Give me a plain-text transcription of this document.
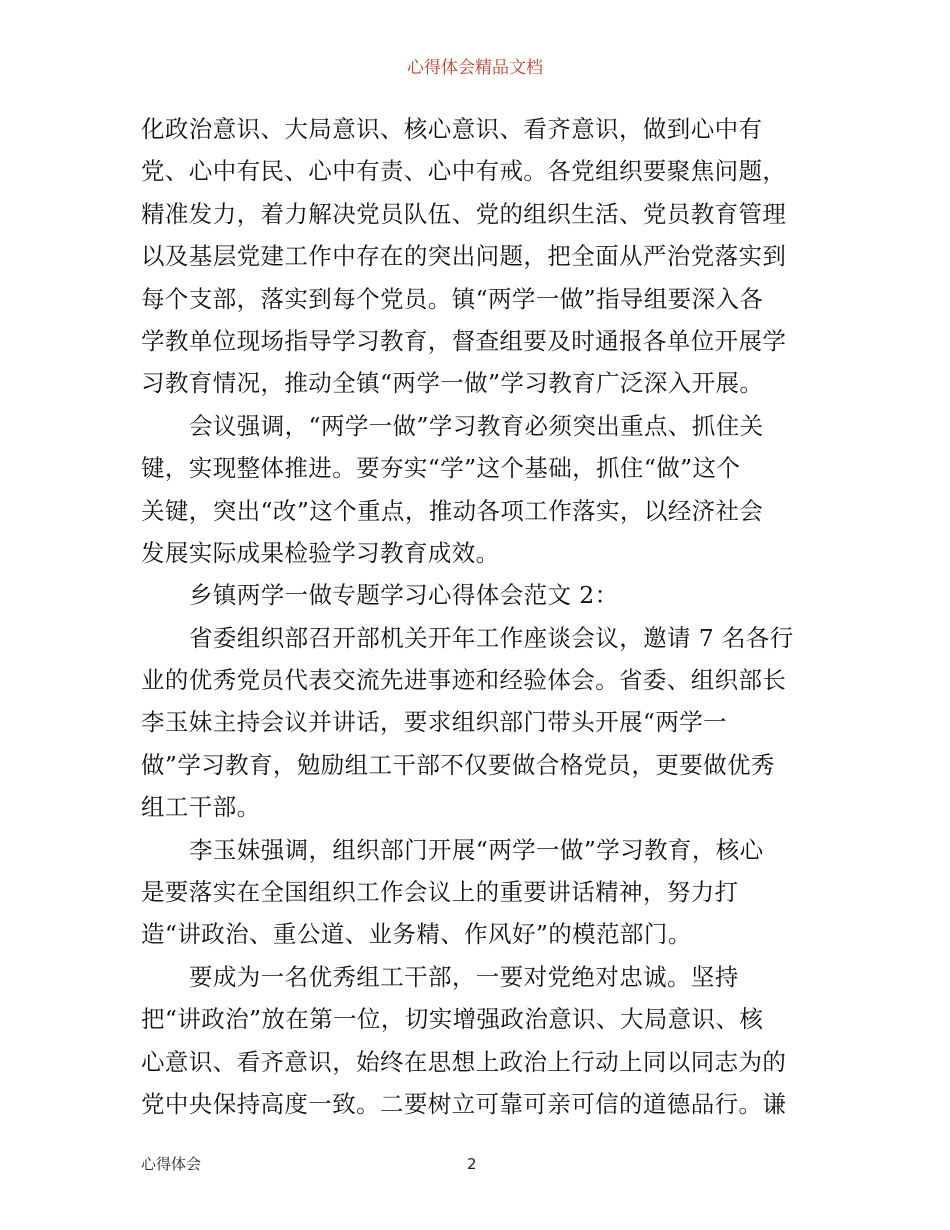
心得体会精品文档
化政治意识、大局意识、核心意识、看齐意识，做到心中有
党、心中有民、心中有责、心中有戒。各党组织要聚焦问题，
精准发力，着力解决党员队伍、党的组织生活、党员教育管理
以及基层党建工作中存在的突出问题，把全面从严治党落实到
每个支部，落实到每个党员。镇“两学一做”指导组要深入各
学教单位现场指导学习教育，督查组要及时通报各单位开展学
习教育情况，推动全镇“两学一做”学习教育广泛深入开展。
会议强调，“两学一做”学习教育必须突出重点、抓住关
键，实现整体推进。要夯实“学”这个基础，抓住“做”这个
关键，突出“改”这个重点，推动各项工作落实，以经济社会
发展实际成果检验学习教育成效。
乡镇两学一做专题学习心得体会范文 2：
省委组织部召开部机关开年工作座谈会议，邀请 7 名各行
业的优秀党员代表交流先进事迹和经验体会。省委、组织部长
李玉妹主持会议并讲话，要求组织部门带头开展“两学一
做”学习教育，勉励组工干部不仅要做合格党员，更要做优秀
组工干部。
李玉妹强调，组织部门开展“两学一做”学习教育，核心
是要落实在全国组织工作会议上的重要讲话精神，努力打
造“讲政治、重公道、业务精、作风好”的模范部门。
要成为一名优秀组工干部，一要对党绝对忠诚。坚持
把“讲政治”放在第一位，切实增强政治意识、大局意识、核
心意识、看齐意识，始终在思想上政治上行动上同以同志为的
党中央保持高度一致。二要树立可靠可亲可信的道德品行。谦
心得体会	2
